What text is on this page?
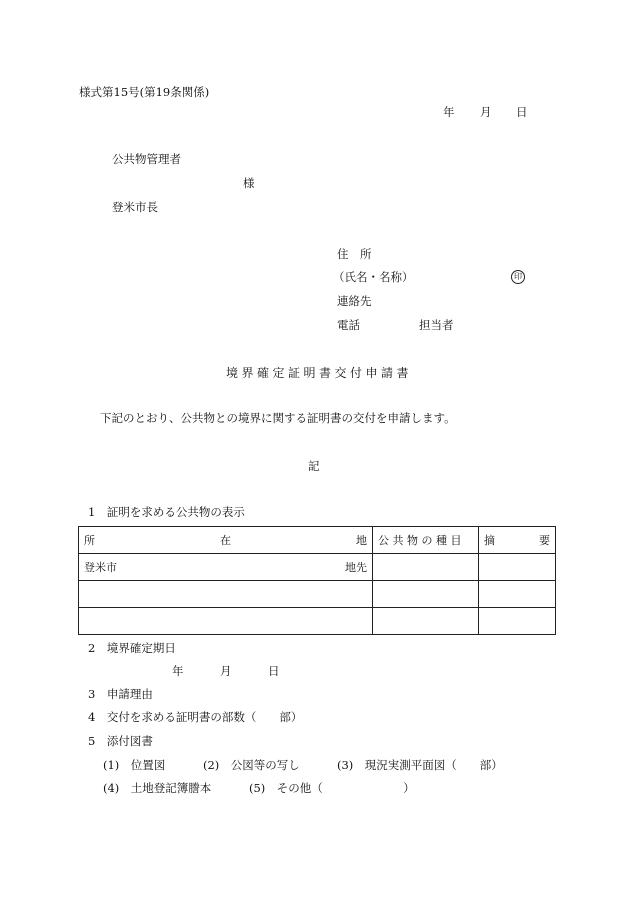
様式第15号(第19条関係)
年 月 日
公共物管理者
様
登米市長
住　所
（氏名・名称）	印
連絡先
電話	担当者
境界確定証明書交付申請書
下記のとおり、公共物との境界に関する証明書の交付を申請します。
記
1　証明を求める公共物の表示
所 在 地	公 共 物 の 種 目	摘 要

登米市 地先		

2　境界確定期日
年	月	日
3　申請理由
4　交付を求める証明書の部数（　　部）
5　添付図書
(1)　位置図	(2)　公図等の写し	(3)　現況実測平面図（　　部）
(4)　土地登記簿謄本	(5)　その他（　　　　　　　）
